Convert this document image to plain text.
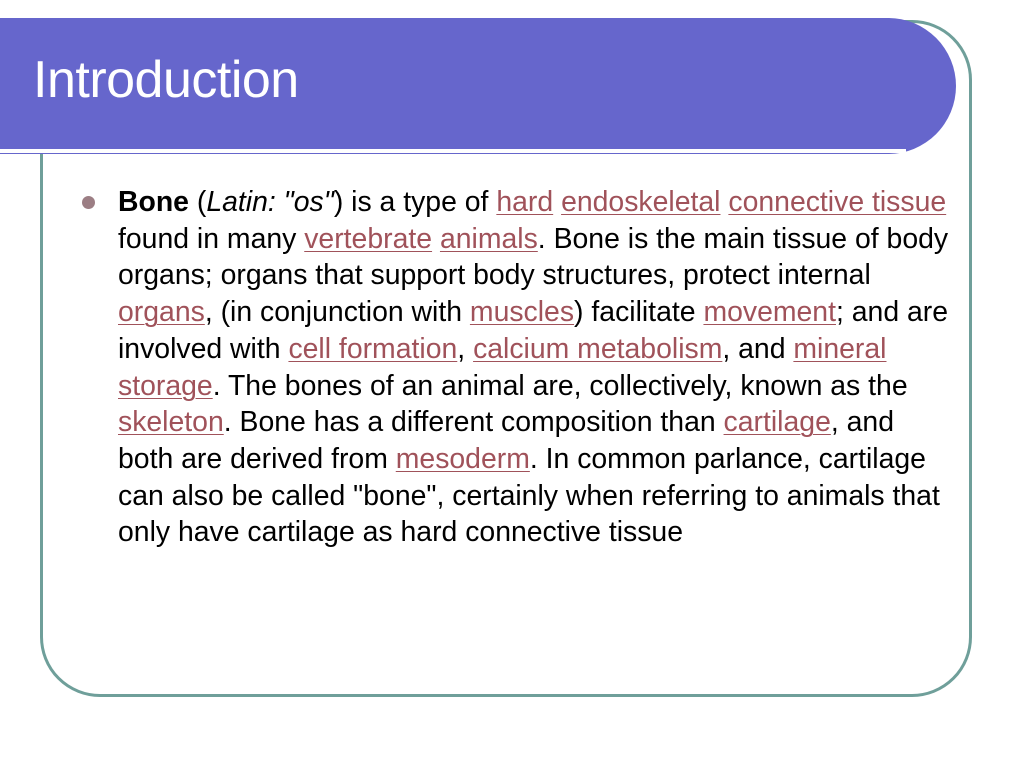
Introduction

Bone (Latin: "os") is a type of hard endoskeletal connective tissue found in many vertebrate animals. Bone is the main tissue of body organs; organs that support body structures, protect internal organs, (in conjunction with muscles) facilitate movement; and are involved with cell formation, calcium metabolism, and mineral storage. The bones of an animal are, collectively, known as the skeleton. Bone has a different composition than cartilage, and both are derived from mesoderm. In common parlance, cartilage can also be called "bone", certainly when referring to animals that only have cartilage as hard connective tissue
